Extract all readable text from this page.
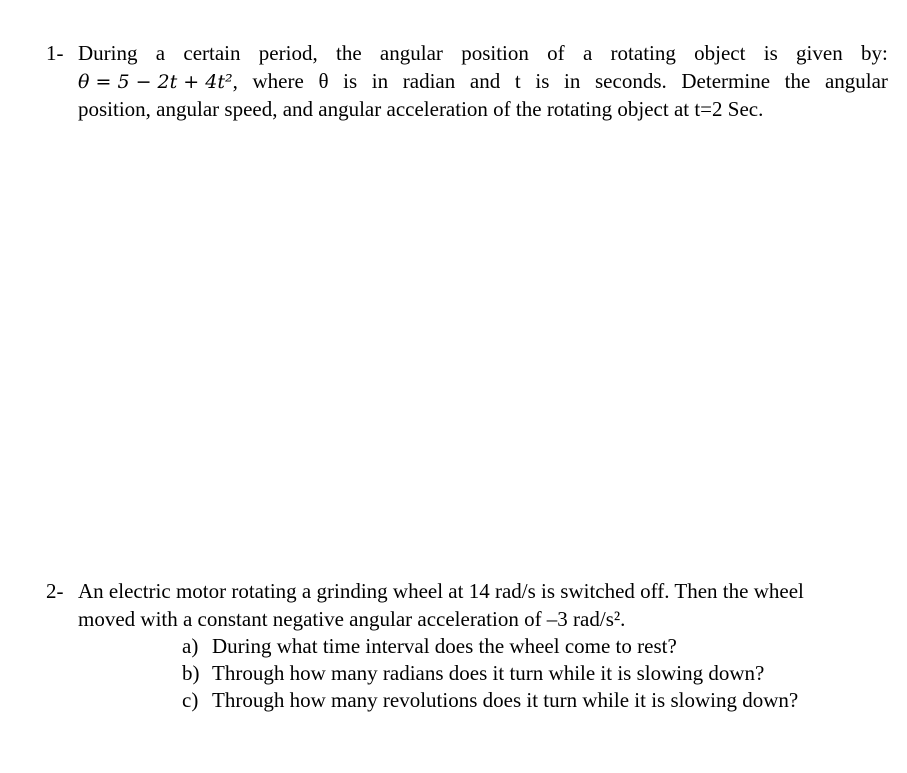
1- During a certain period, the angular position of a rotating object is given by:
θ = 5 − 2t + 4t², where θ is in radian and t is in seconds. Determine the angular
position, angular speed, and angular acceleration of the rotating object at t=2 Sec.
2- An electric motor rotating a grinding wheel at 14 rad/s is switched off. Then the wheel
moved with a constant negative angular acceleration of –3 rad/s².
a) During what time interval does the wheel come to rest?
b) Through how many radians does it turn while it is slowing down?
c) Through how many revolutions does it turn while it is slowing down?
